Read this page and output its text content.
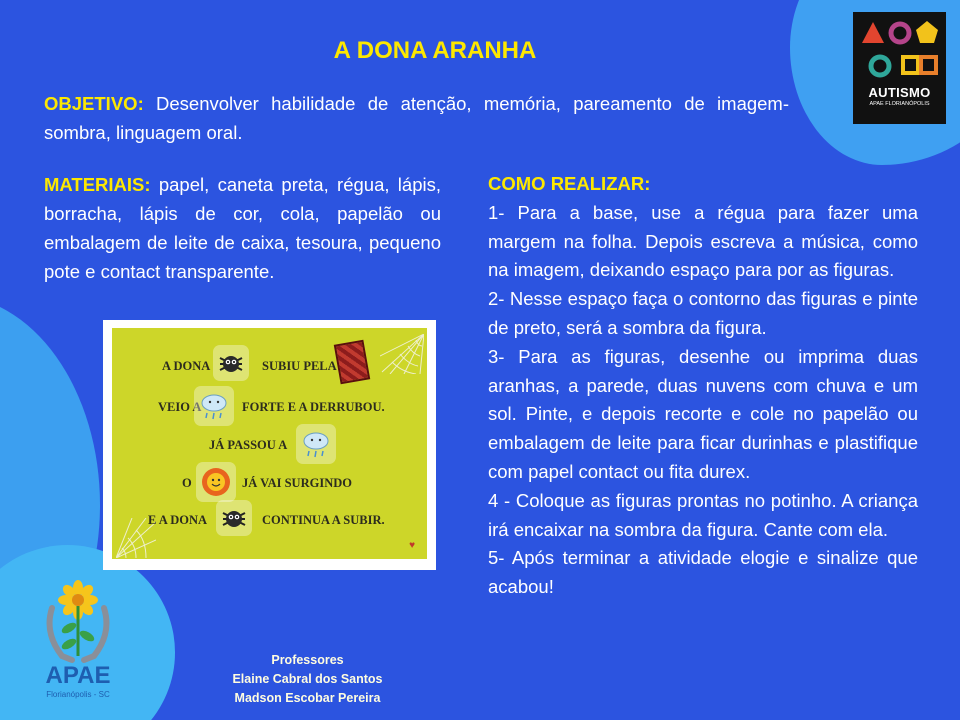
A DONA ARANHA
OBJETIVO: Desenvolver habilidade de atenção, memória, pareamento de imagem-sombra, linguagem oral.
MATERIAIS: papel, caneta preta, régua, lápis, borracha, lápis de cor, cola, papelão ou embalagem de leite de caixa, tesoura, pequeno pote e contact transparente.
COMO REALIZAR:

1- Para a base, use a régua para fazer uma margem na folha. Depois escreva a música, como na imagem, deixando espaço para por as figuras.

2- Nesse espaço faça o contorno das figuras e pinte de preto, será a sombra da figura.

3- Para as figuras, desenhe ou imprima duas aranhas, a parede, duas nuvens com chuva e um sol. Pinte, e depois recorte e cole no papelão ou embalagem de leite para ficar durinhas e plastifique com papel contact ou fita durex.

4 - Coloque as figuras prontas no potinho. A criança irá encaixar na sombra da figura. Cante com ela.

5- Após terminar a atividade elogie e sinalize que acabou!

A DONA	SUBIU PELA
VEIO A	FORTE E A DERRUBOU.
JÁ PASSOU A
O	JÁ VAI SURGINDO
E A DONA	CONTINUA A SUBIR.
♥
AUTISMO
APAE FLORIANÓPOLIS
APAE
Florianópolis - SC
Professores
Elaine Cabral dos Santos
Madson Escobar Pereira
